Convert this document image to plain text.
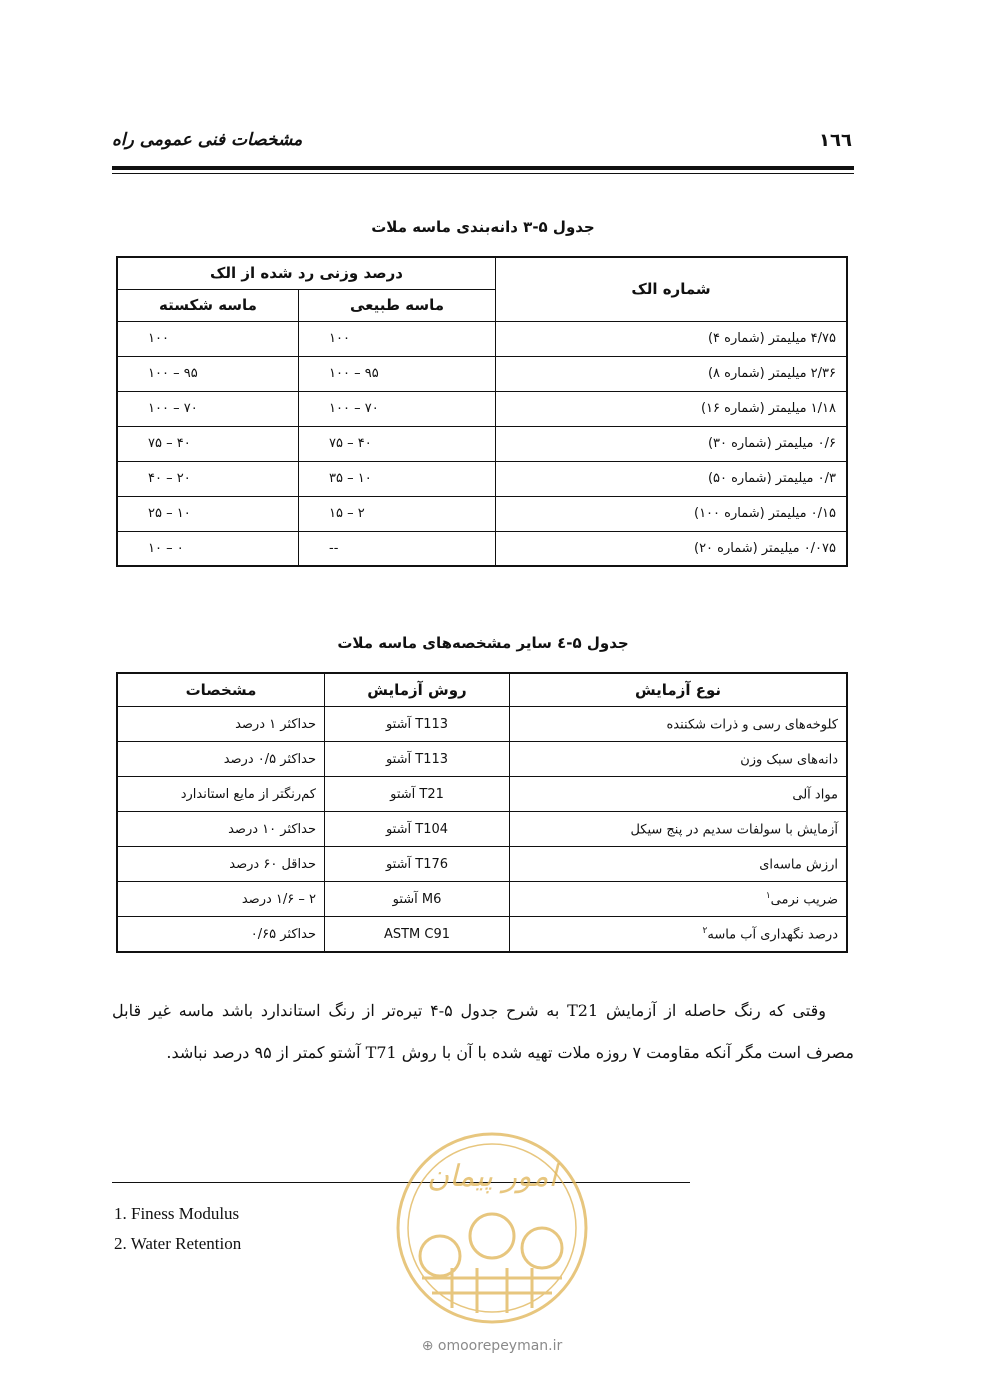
مشخصات فنی عمومی راه	۱٦٦
جدول ۵-۳ دانه‌بندی ماسه ملات
شماره الک	درصد وزنی رد شده از الک	
	ماسه طبیعی	ماسه شکسته
۴/۷۵ میلیمتر (شماره ۴)	۱۰۰	۱۰۰
۲/۳۶ میلیمتر (شماره ۸)	۹۵ – ۱۰۰	۹۵ – ۱۰۰
۱/۱۸ میلیمتر (شماره ۱۶)	۷۰ – ۱۰۰	۷۰ – ۱۰۰
۰/۶ میلیمتر (شماره ۳۰)	۴۰ – ۷۵	۴۰ – ۷۵
۰/۳ میلیمتر (شماره ۵۰)	۱۰ – ۳۵	۲۰ – ۴۰
۰/۱۵ میلیمتر (شماره ۱۰۰)	۲ – ۱۵	۱۰ – ۲۵
۰/۰۷۵ میلیمتر (شماره ۲۰)	--	۰ – ۱۰
جدول ۵-٤ سایر مشخصه‌های ماسه ملات
نوع آزمایش	روش آزمایش	مشخصات
کلوخه‌های رسی و ذرات شکننده	T113 آشتو	حداکثر ۱ درصد
دانه‌های سبک وزن	T113 آشتو	حداکثر ۰/۵ درصد
مواد آلی	T21 آشتو	کم‌رنگتر از مایع استاندارد
آزمایش با سولفات سدیم در پنج سیکل	T104 آشتو	حداکثر ۱۰ درصد
ارزش ماسه‌ای	T176 آشتو	حداقل ۶۰ درصد
ضریب نرمی$^۱$	M6 آشتو	۲ – ۱/۶ درصد
درصد نگهداری آب ماسه$^۲$	ASTM C91	حداکثر ۰/۶۵
وقتی که رنگ حاصله از آزمایش T21 به شرح جدول ۵-۴ تیره‌تر از رنگ استاندارد باشد ماسه غیر قابل مصرف است مگر آنکه مقاومت ۷ روزه ملات تهیه شده با آن با روش T71 آشتو کمتر از ۹۵ درصد نباشد.
1. Finess Modulus
2. Water Retention
امور پیمان
⊕ omoorepeyman.ir
